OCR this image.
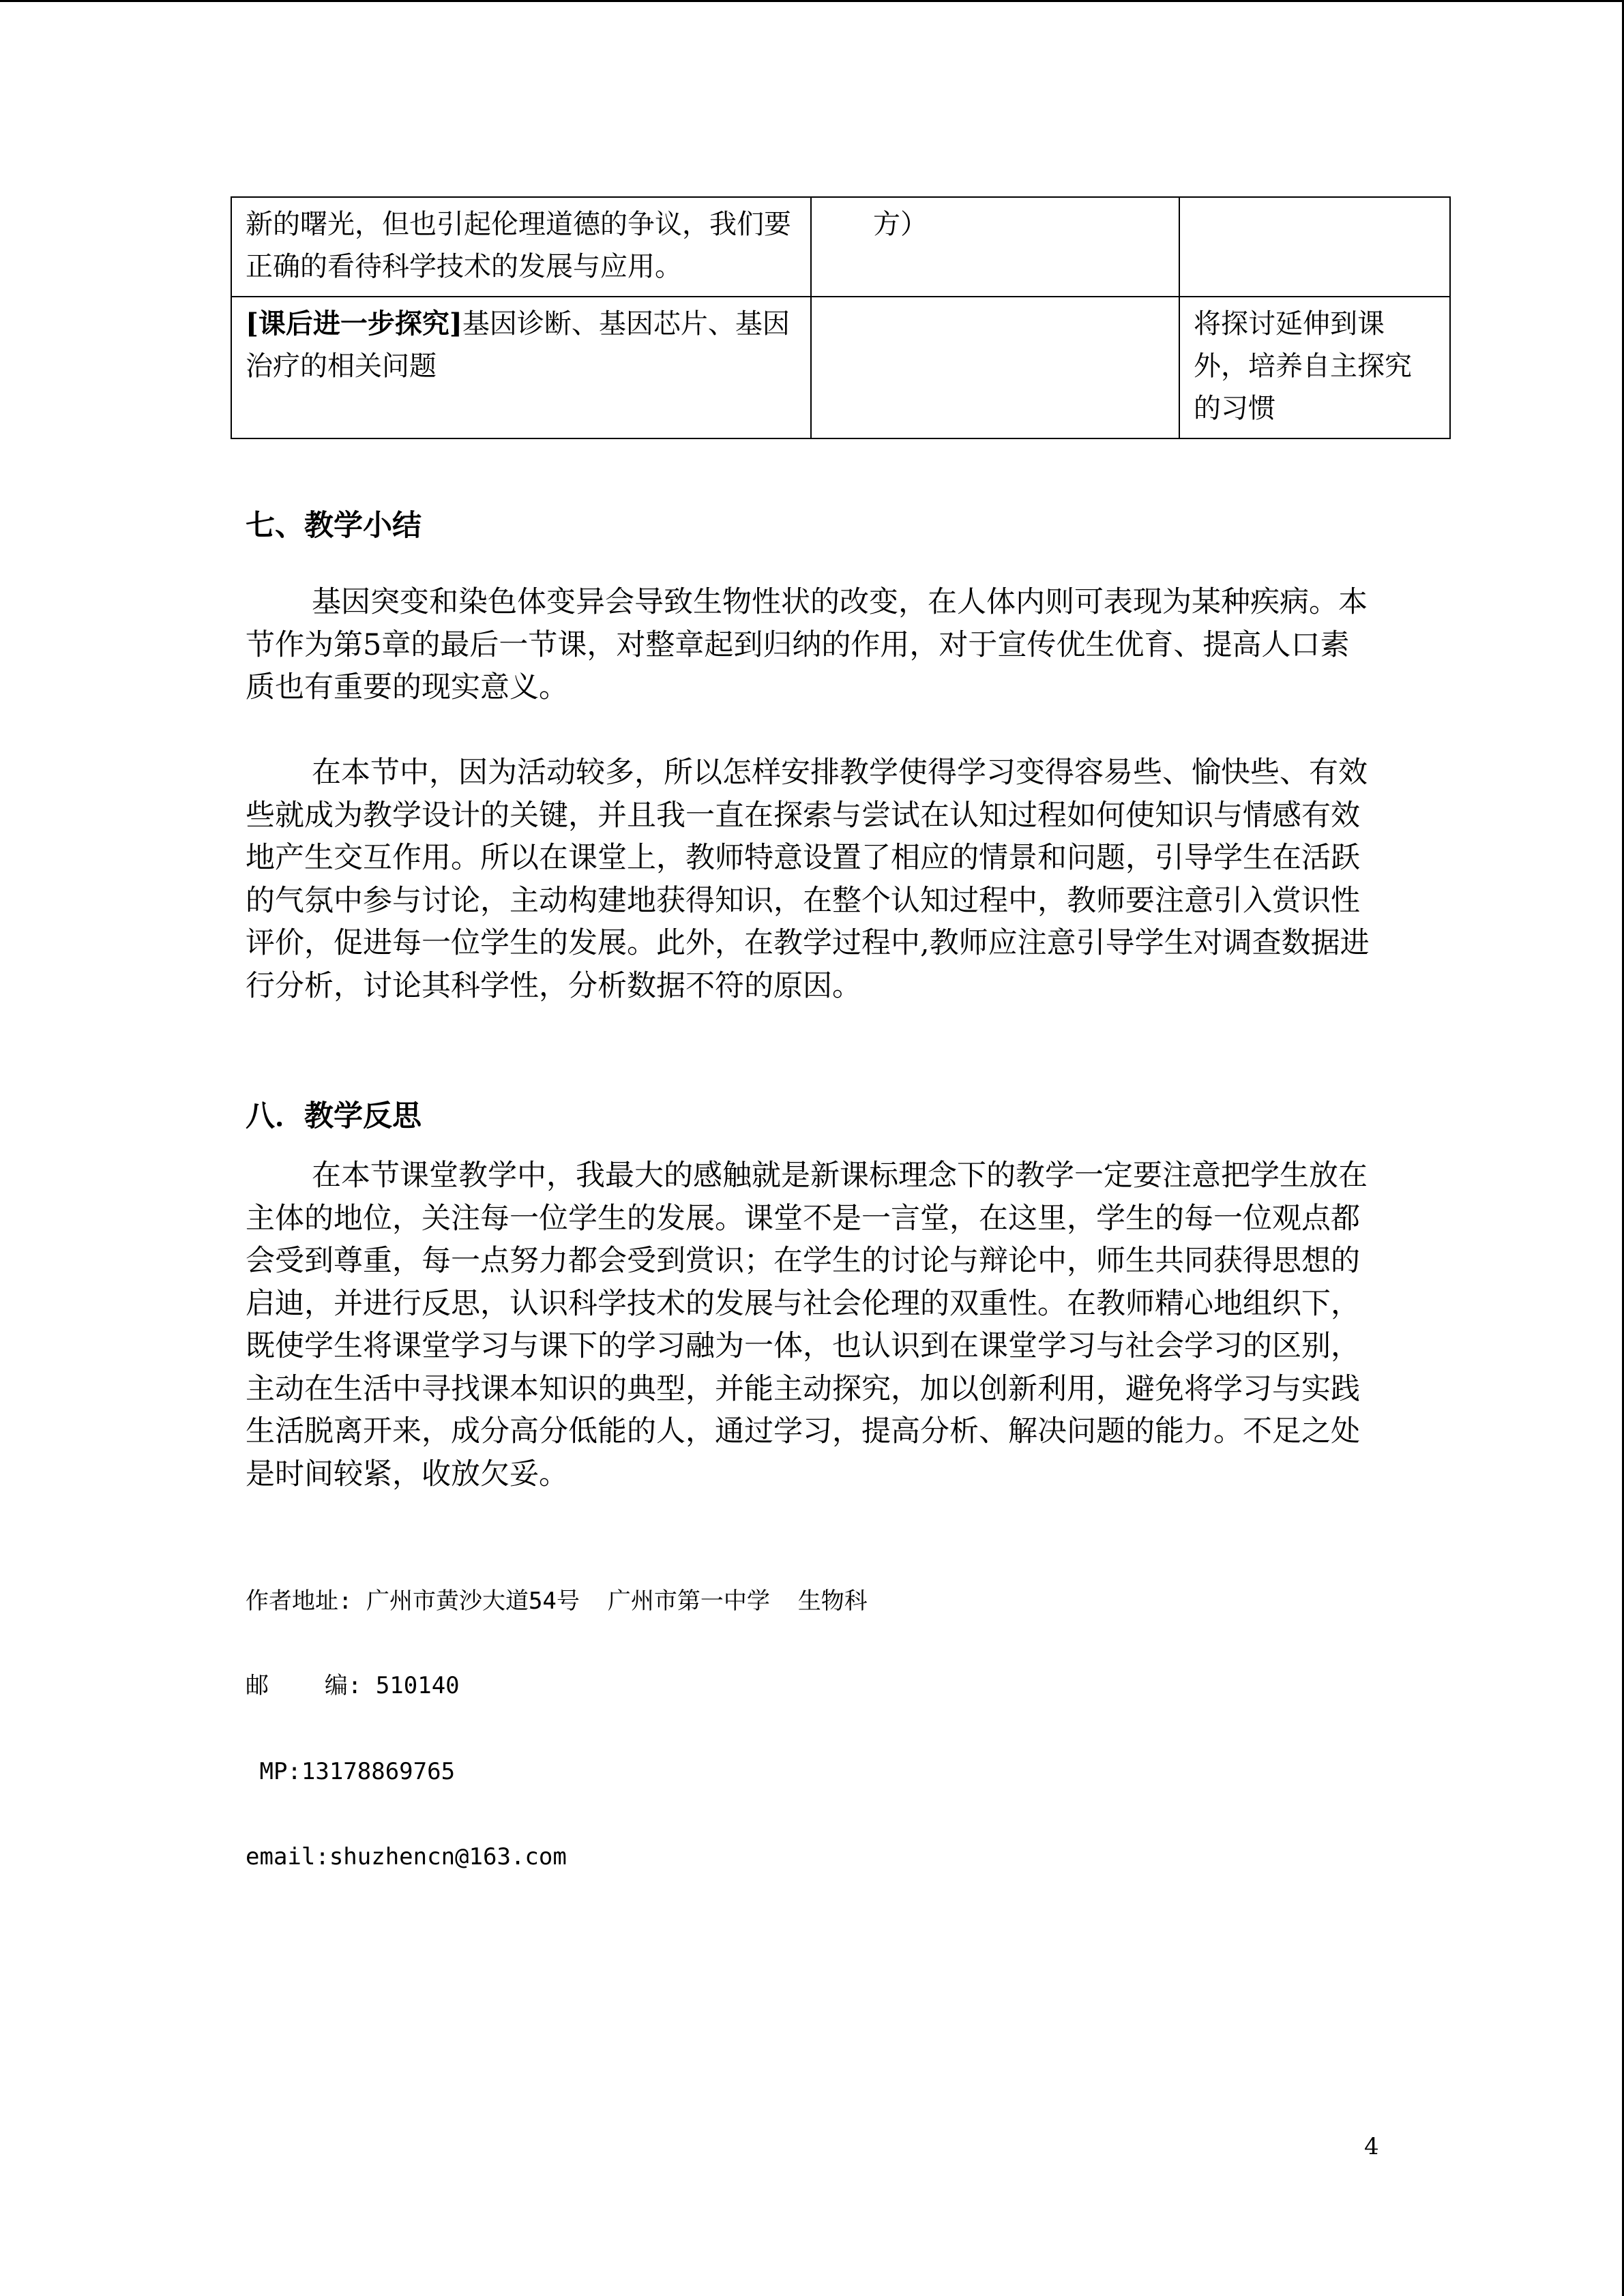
新的曙光，但也引起伦理道德的争议，我们要正确的看待科学技术的发展与应用。	方）	
[课后进一步探究]基因诊断、基因芯片、基因治疗的相关问题		将探讨延伸到课外，培养自主探究的习惯
七、教学小结

基因突变和染色体变异会导致生物性状的改变，在人体内则可表现为某种疾病。本节作为第5章的最后一节课，对整章起到归纳的作用，对于宣传优生优育、提高人口素质也有重要的现实意义。

在本节中，因为活动较多，所以怎样安排教学使得学习变得容易些、愉快些、有效些就成为教学设计的关键，并且我一直在探索与尝试在认知过程如何使知识与情感有效地产生交互作用。所以在课堂上，教师特意设置了相应的情景和问题，引导学生在活跃的气氛中参与讨论，主动构建地获得知识，在整个认知过程中，教师要注意引入赏识性评价，促进每一位学生的发展。此外，在教学过程中,教师应注意引导学生对调查数据进行分析，讨论其科学性，分析数据不符的原因。

八．教学反思

在本节课堂教学中，我最大的感触就是新课标理念下的教学一定要注意把学生放在主体的地位，关注每一位学生的发展。课堂不是一言堂，在这里，学生的每一位观点都会受到尊重，每一点努力都会受到赏识；在学生的讨论与辩论中，师生共同获得思想的启迪，并进行反思，认识科学技术的发展与社会伦理的双重性。在教师精心地组织下，既使学生将课堂学习与课下的学习融为一体，也认识到在课堂学习与社会学习的区别，主动在生活中寻找课本知识的典型，并能主动探究，加以创新利用，避免将学习与实践生活脱离开来，成分高分低能的人，通过学习，提高分析、解决问题的能力。不足之处是时间较紧，收放欠妥。

作者地址: 广州市黄沙大道54号  广州市第一中学  生物科
邮    编: 510140
MP:13178869765
email:shuzhencn@163.com
4
